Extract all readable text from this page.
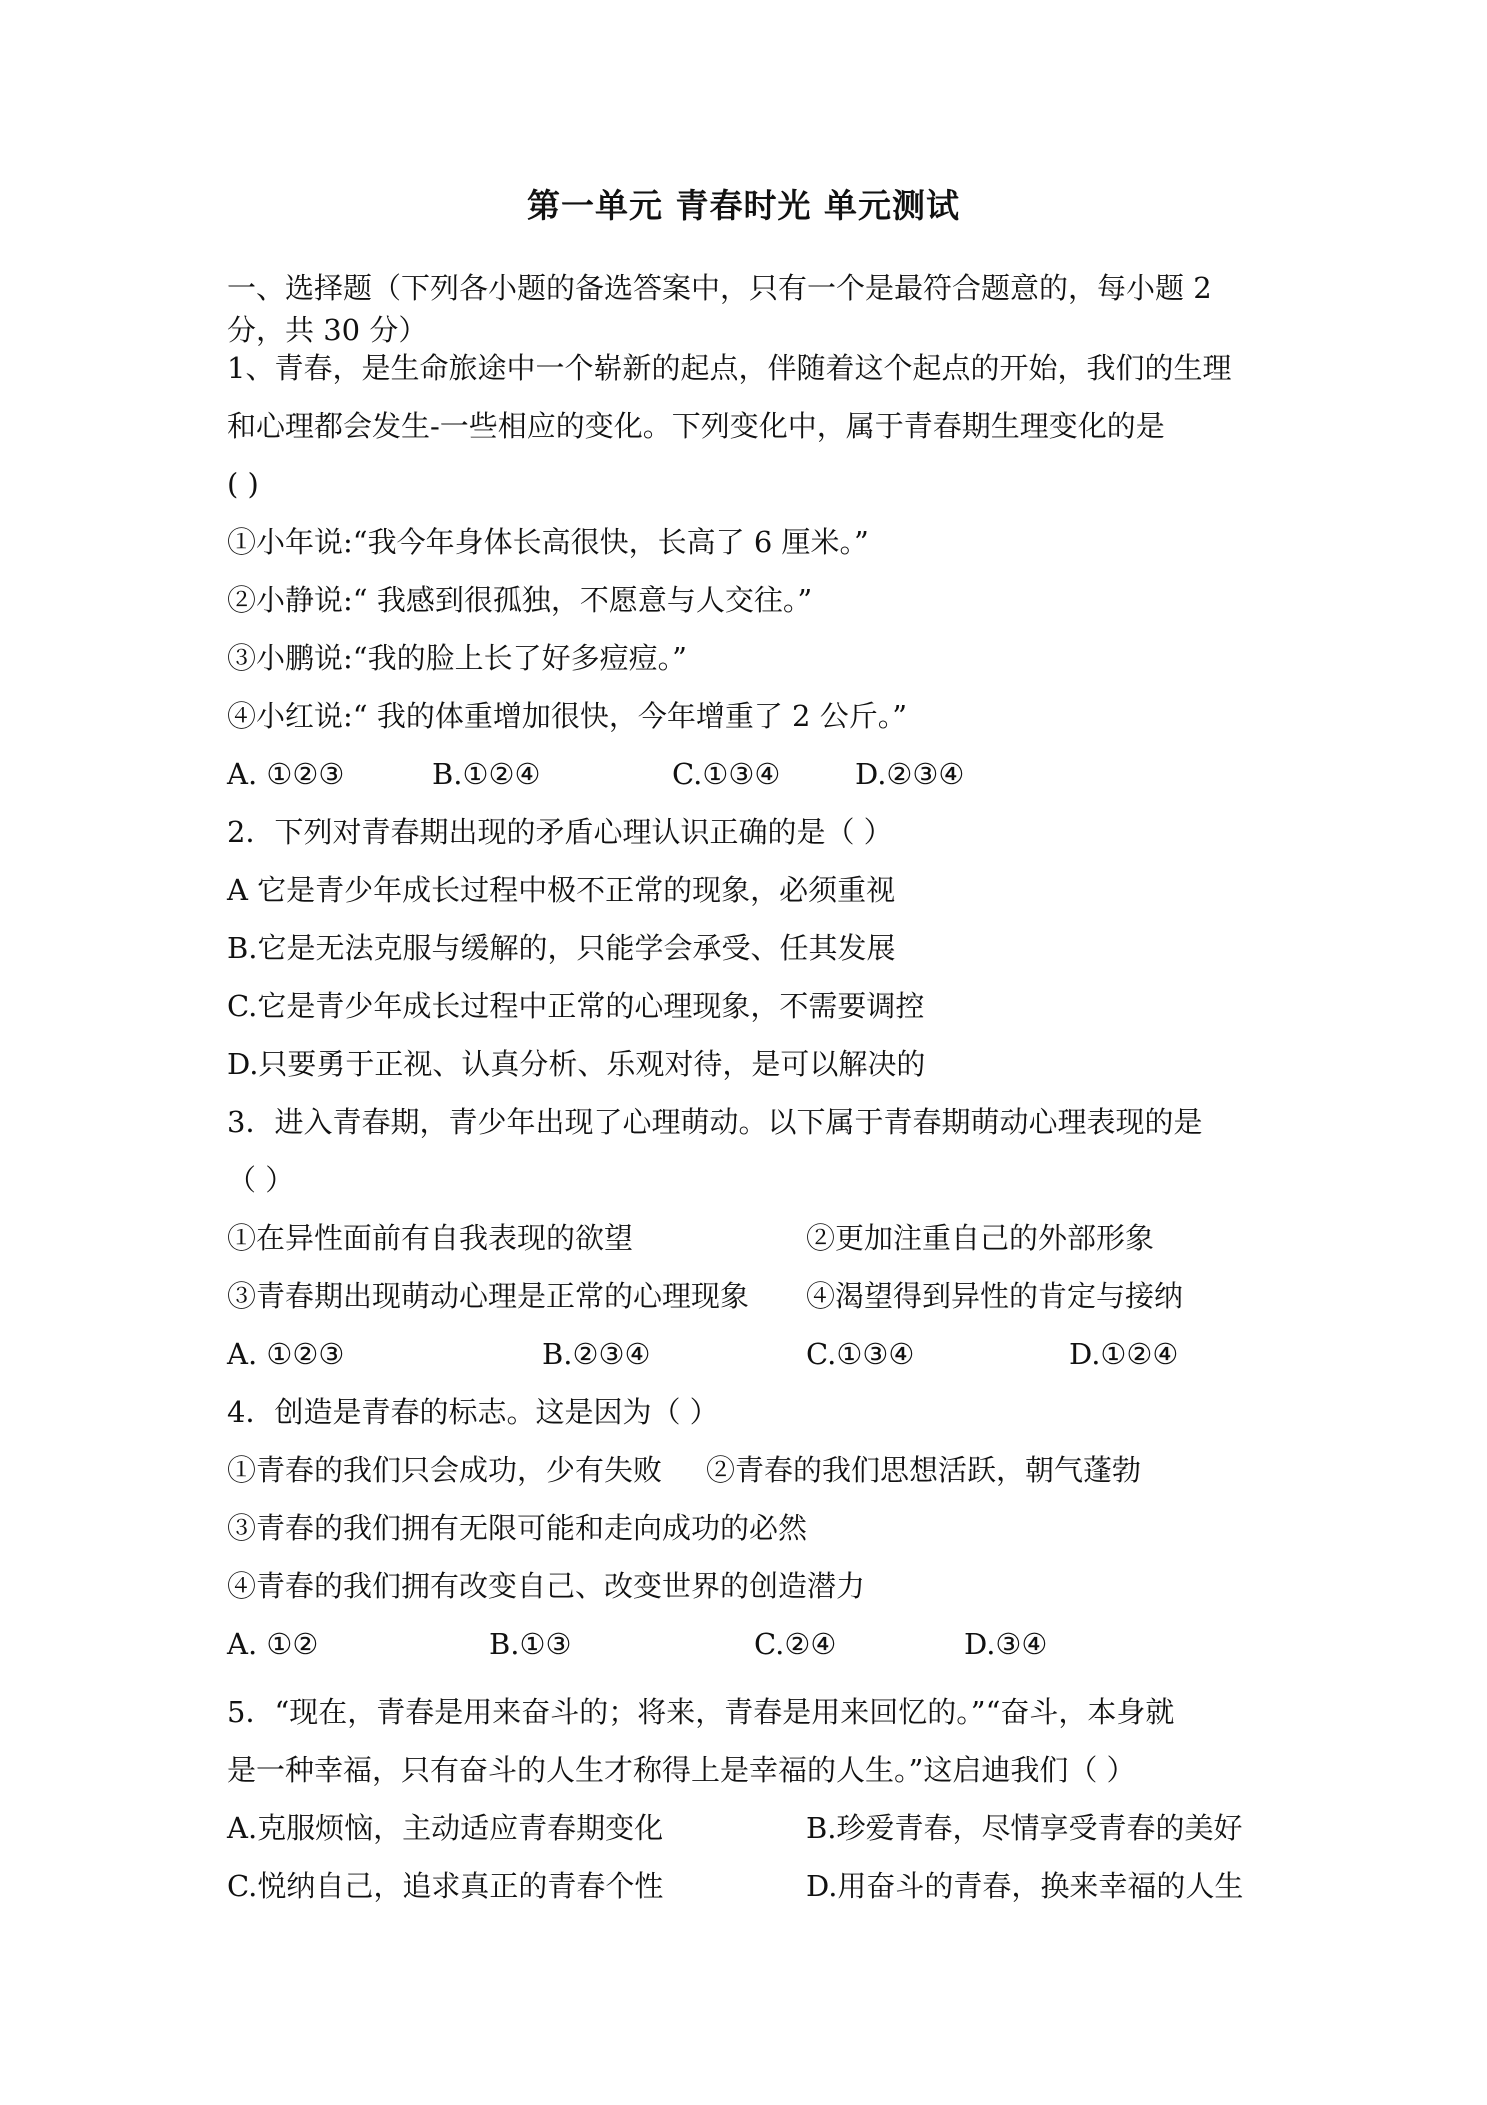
第一单元 青春时光 单元测试
一、选择题（下列各小题的备选答案中，只有一个是最符合题意的，每小题 2
分，共 30 分）
1、青春，是生命旅途中一个崭新的起点，伴随着这个起点的开始，我们的生理
和心理都会发生-一些相应的变化。下列变化中，属于青春期生理变化的是
( )
①小年说:“我今年身体长高很快，长高了 6 厘米。”
②小静说:“ 我感到很孤独，不愿意与人交往。”
③小鹏说:“我的脸上长了好多痘痘。”
④小红说:“ 我的体重增加很快，今年增重了 2 公斤。”
A. ①②③	B.①②④	C.①③④	D.②③④
2．下列对青春期出现的矛盾心理认识正确的是（ ）
A 它是青少年成长过程中极不正常的现象，必须重视
B.它是无法克服与缓解的，只能学会承受、任其发展
C.它是青少年成长过程中正常的心理现象，不需要调控
D.只要勇于正视、认真分析、乐观对待，是可以解决的
3．进入青春期，青少年出现了心理萌动。以下属于青春期萌动心理表现的是
（ ）
①在异性面前有自我表现的欲望	②更加注重自己的外部形象
③青春期出现萌动心理是正常的心理现象 ④渴望得到异性的肯定与接纳
A. ①②③	B.②③④	C.①③④	D.①②④
4．创造是青春的标志。这是因为（ ）
①青春的我们只会成功，少有失败 ②青春的我们思想活跃，朝气蓬勃
③青春的我们拥有无限可能和走向成功的必然
④青春的我们拥有改变自己、改变世界的创造潜力
A. ①②	B.①③	C.②④	D.③④
5．“现在，青春是用来奋斗的；将来，青春是用来回忆的。”“奋斗，本身就
是一种幸福，只有奋斗的人生才称得上是幸福的人生。”这启迪我们（ ）
A.克服烦恼，主动适应青春期变化	B.珍爱青春，尽情享受青春的美好
C.悦纳自己，追求真正的青春个性	D.用奋斗的青春，换来幸福的人生
